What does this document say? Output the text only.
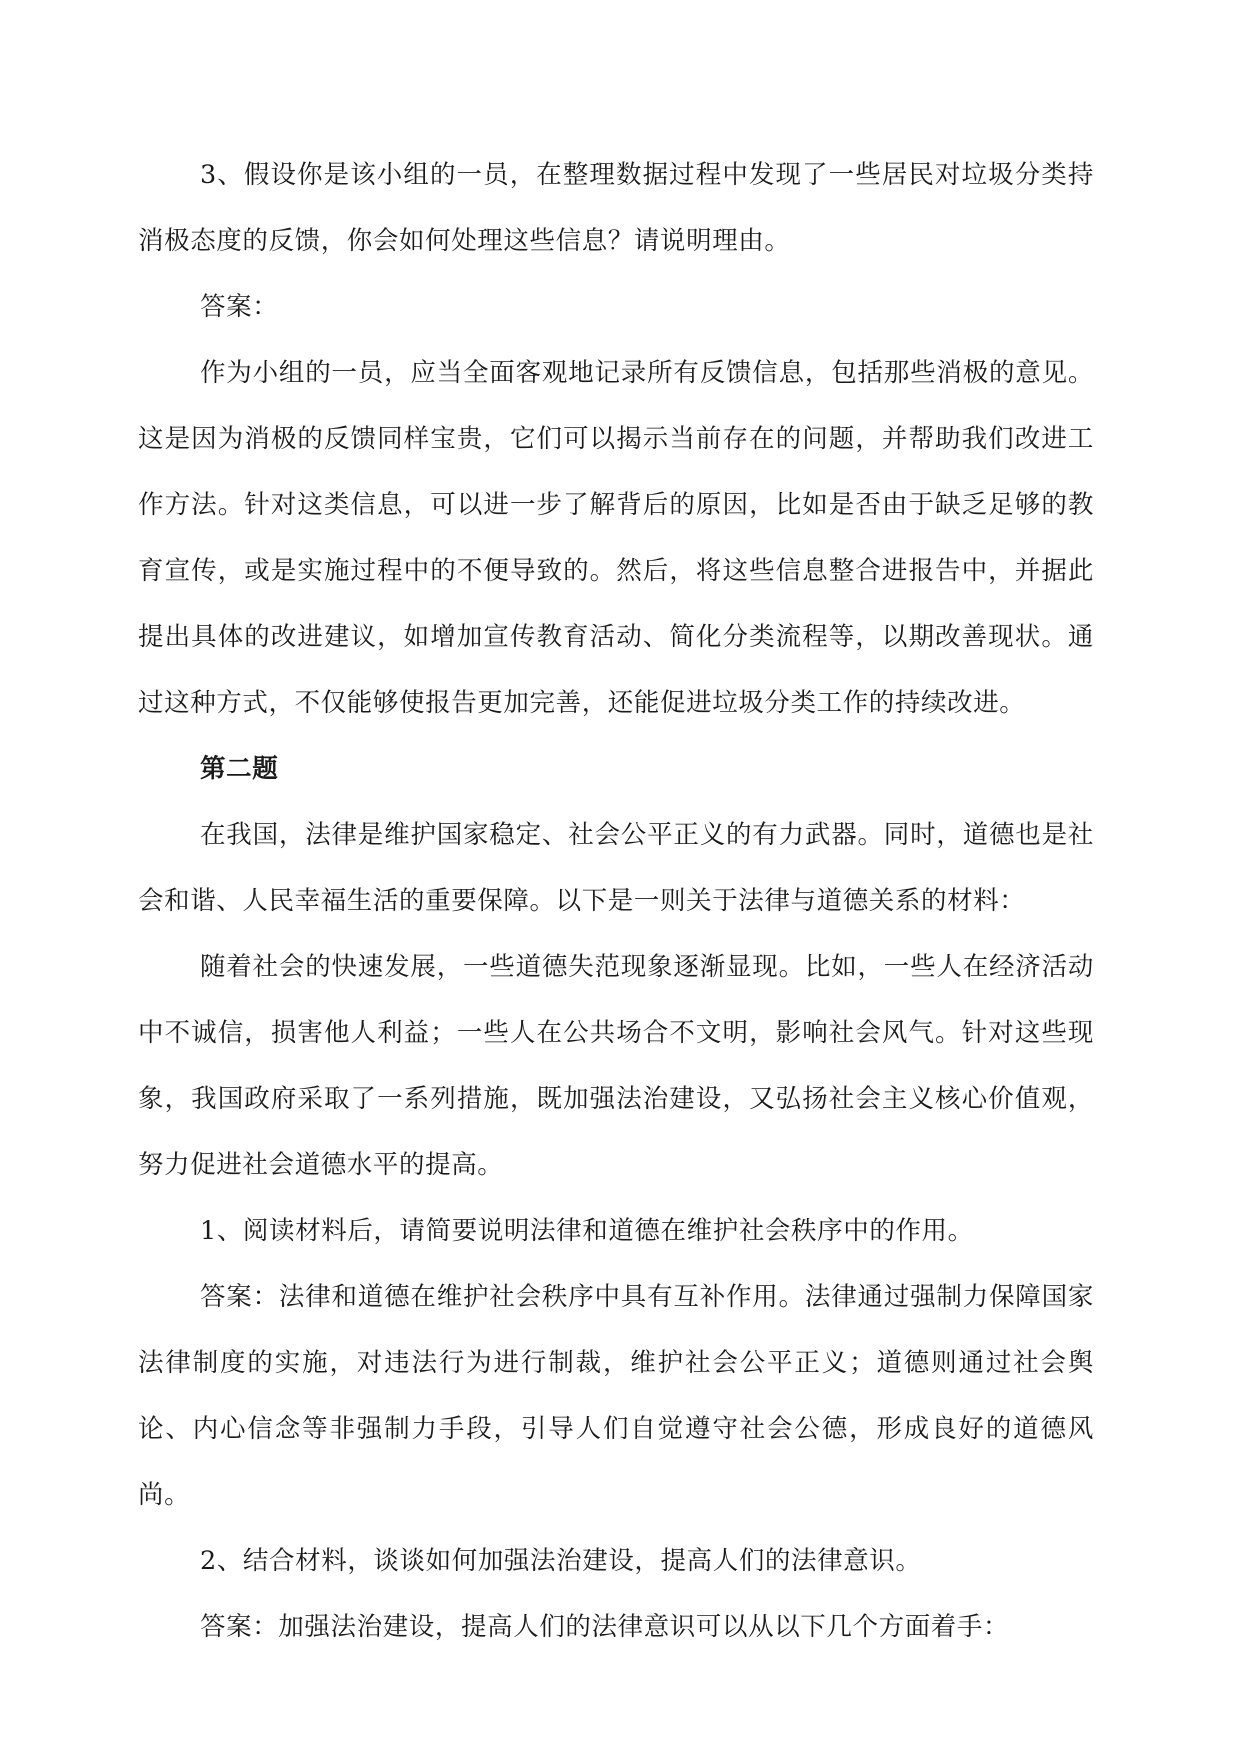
3、假设你是该小组的一员，在整理数据过程中发现了一些居民对垃圾分类持消极态度的反馈，你会如何处理这些信息？请说明理由。

答案：

作为小组的一员，应当全面客观地记录所有反馈信息，包括那些消极的意见。这是因为消极的反馈同样宝贵，它们可以揭示当前存在的问题，并帮助我们改进工作方法。针对这类信息，可以进一步了解背后的原因，比如是否由于缺乏足够的教育宣传，或是实施过程中的不便导致的。然后，将这些信息整合进报告中，并据此提出具体的改进建议，如增加宣传教育活动、简化分类流程等，以期改善现状。通过这种方式，不仅能够使报告更加完善，还能促进垃圾分类工作的持续改进。

第二题

在我国，法律是维护国家稳定、社会公平正义的有力武器。同时，道德也是社会和谐、人民幸福生活的重要保障。以下是一则关于法律与道德关系的材料：

随着社会的快速发展，一些道德失范现象逐渐显现。比如，一些人在经济活动中不诚信，损害他人利益；一些人在公共场合不文明，影响社会风气。针对这些现象，我国政府采取了一系列措施，既加强法治建设，又弘扬社会主义核心价值观，努力促进社会道德水平的提高。

1、阅读材料后，请简要说明法律和道德在维护社会秩序中的作用。

答案：法律和道德在维护社会秩序中具有互补作用。法律通过强制力保障国家法律制度的实施，对违法行为进行制裁，维护社会公平正义；道德则通过社会舆论、内心信念等非强制力手段，引导人们自觉遵守社会公德，形成良好的道德风尚。

2、结合材料，谈谈如何加强法治建设，提高人们的法律意识。

答案：加强法治建设，提高人们的法律意识可以从以下几个方面着手：
